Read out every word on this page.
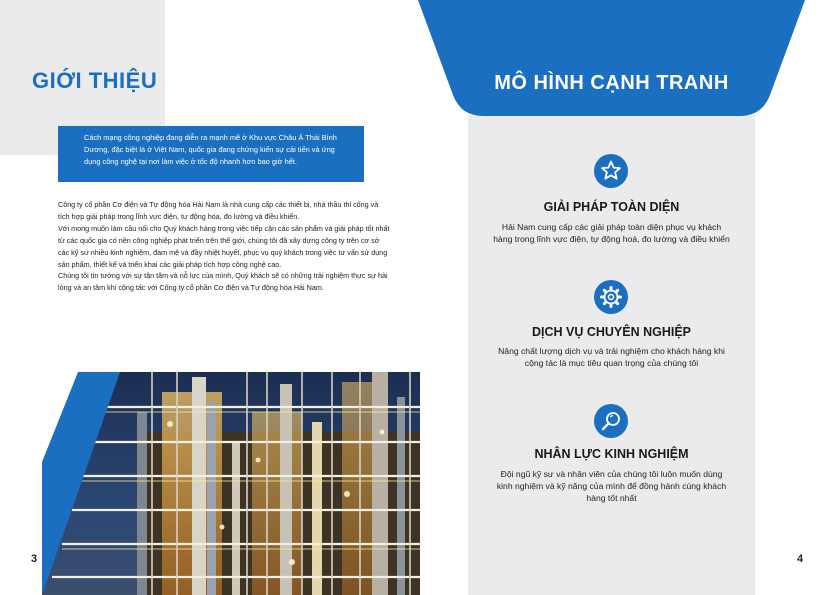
GIỚI THIỆU
Cách mạng công nghiệp đang diễn ra mạnh mẽ ở Khu vực Châu Á Thái Bình Dương, đặc biệt là ở Việt Nam, quốc gia đang chứng kiến sự cải tiến và ứng dụng công nghệ tại nơi làm việc ở tốc độ nhanh hơn bao giờ hết.

Công ty cổ phần Cơ điện và Tự động hóa Hải Nam là nhà cung cấp các thiết bị, nhà thầu thi công và tích hợp giải pháp trong lĩnh vực điện, tự động hóa, đo lường và điều khiển.

Với mong muốn làm cầu nối cho Quý khách hàng trong việc tiếp cận các sản phẩm và giải pháp tốt nhất từ các quốc gia có nền công nghiệp phát triển trên thế giới, chúng tôi đã xây dựng công ty trên cơ sở các kỹ sư nhiều kinh nghiệm, đam mê và đầy nhiệt huyết, phục vụ quý khách trong việc tư vấn sử dụng sản phẩm, thiết kế và triển khai các giải pháp tích hợp công nghệ cao.

Chúng tôi tin tưởng với sự tận tâm và nỗ lực của mình, Quý khách sẽ có những trải nghiệm thực sự hài lòng và an tâm khi cộng tác với Công ty cổ phần Cơ điện và Tự động hóa Hải Nam.

3
MÔ HÌNH CẠNH TRANH
GIẢI PHÁP TOÀN DIỆN

Hải Nam cung cấp các giải pháp toàn diện phục vụ khách hàng trong lĩnh vực điện, tự động hoá, đo lường và điều khiển

DỊCH VỤ CHUYÊN NGHIỆP

Nâng chất lượng dịch vụ và trải nghiệm cho khách hàng khi cộng tác là mục tiêu quan trọng của chúng tôi

NHÂN LỰC KINH NGHIỆM

Đội ngũ kỹ sư và nhân viên của chúng tôi luôn muốn dùng kinh nghiệm và kỹ năng của mình để đồng hành cùng khách hàng tốt nhất

4
